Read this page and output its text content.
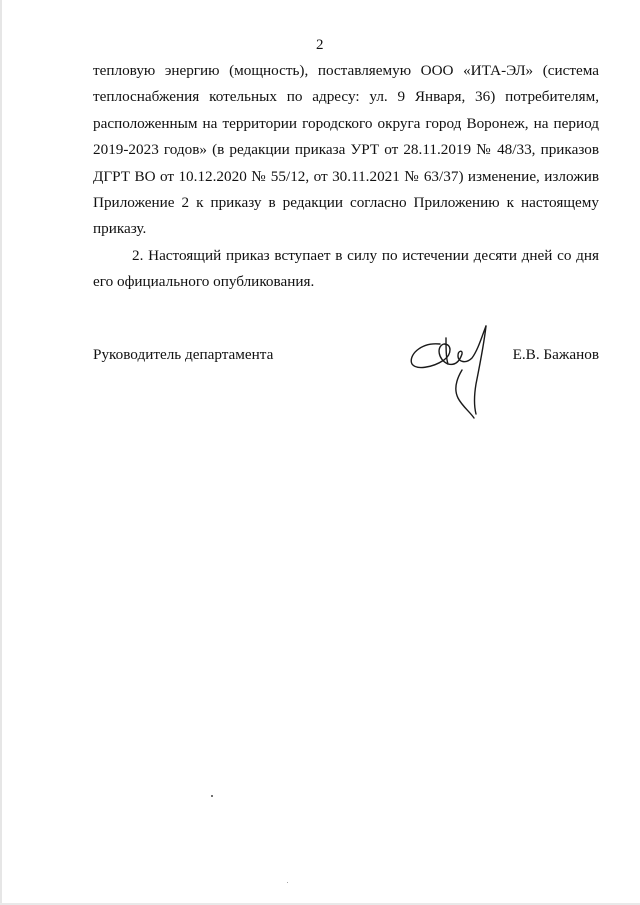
2

тепловую энергию (мощность), поставляемую ООО «ИТА-ЭЛ» (система
теплоснабжения котельных по адресу: ул. 9 Января, 36) потребителям,
расположенным на территории городского округа город Воронеж, на период
2019-2023 годов» (в редакции приказа УРТ от 28.11.2019 № 48/33, приказов
ДГРТ ВО от 10.12.2020 № 55/12, от 30.11.2021 № 63/37) изменение, изложив
Приложение 2 к приказу в редакции согласно Приложению к настоящему
приказу.

2. Настоящий приказ вступает в силу по истечении десяти дней со дня
его официального опубликования.

Руководитель департамента	Е.В. Бажанов
